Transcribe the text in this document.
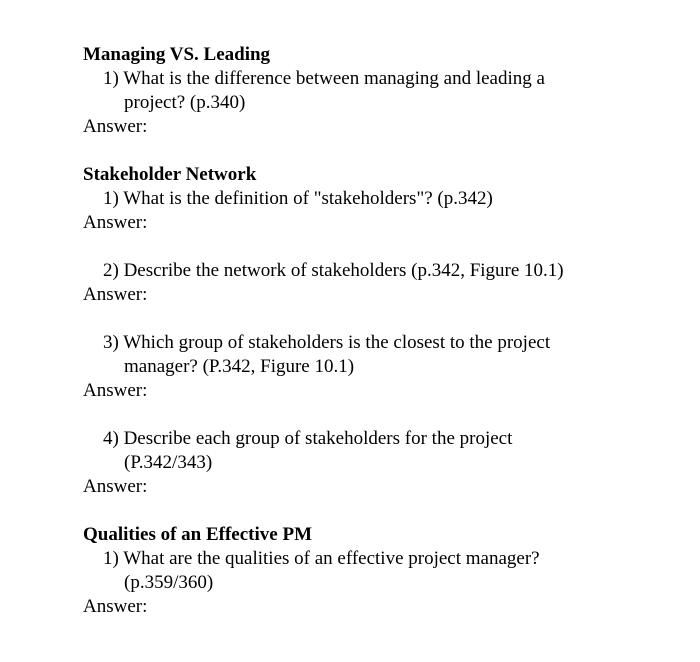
Managing VS. Leading
1) What is the difference between managing and leading a project? (p.340)
Answer:
Stakeholder Network
1) What is the definition of "stakeholders"? (p.342)
Answer:
2) Describe the network of stakeholders (p.342, Figure 10.1)
Answer:
3) Which group of stakeholders is the closest to the project manager? (P.342, Figure 10.1)
Answer:
4) Describe each group of stakeholders for the project (P.342/343)
Answer:
Qualities of an Effective PM
1) What are the qualities of an effective project manager? (p.359/360)
Answer:
